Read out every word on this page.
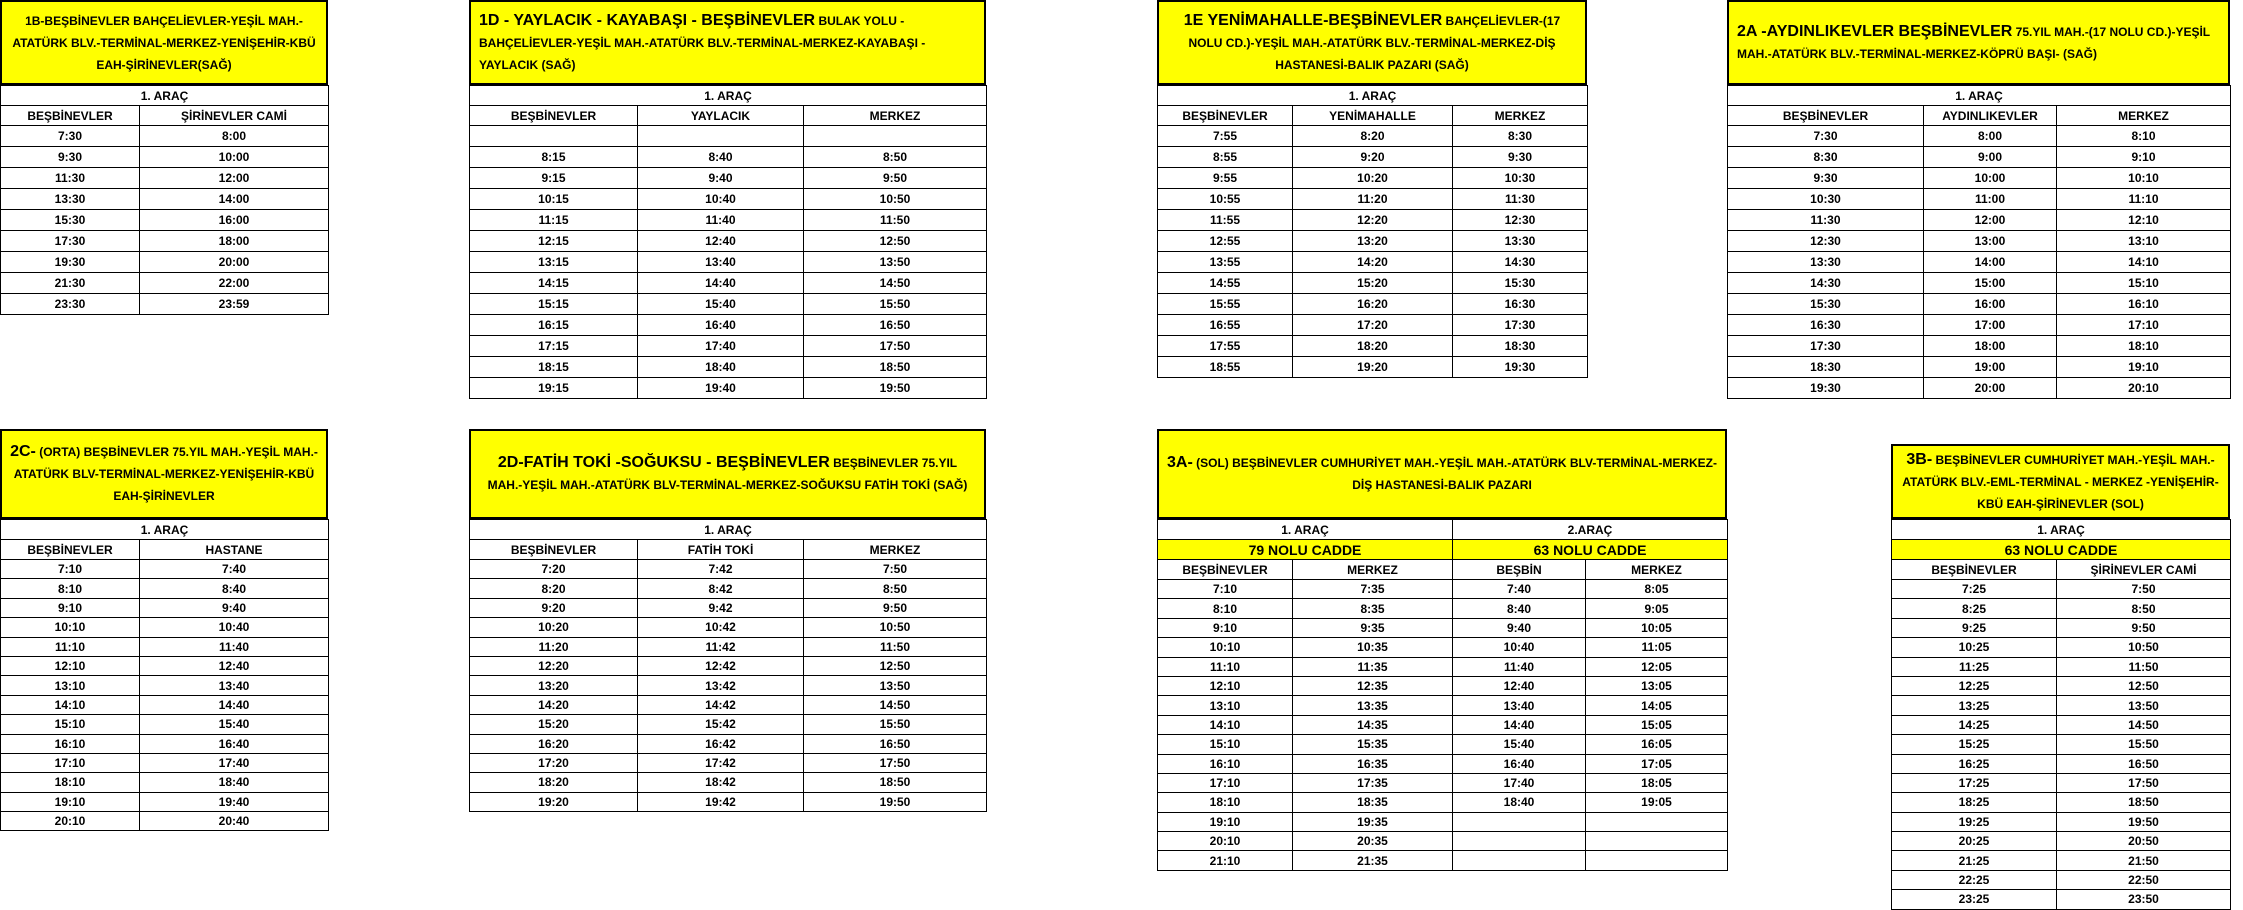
1B-BEŞBİNEVLER BAHÇELİEVLER-YEŞİL MAH.-ATATÜRK BLV.-TERMİNAL-MERKEZ-YENİŞEHİR-KBÜ EAH-ŞİRİNEVLER(SAĞ)
1. ARAÇ	
BEŞBİNEVLER	ŞİRİNEVLER CAMİ
7:30	8:00
9:30	10:00
11:30	12:00
13:30	14:00
15:30	16:00
17:30	18:00
19:30	20:00
21:30	22:00
23:30	23:59
1D - YAYLACIK - KAYABAŞI - BEŞBİNEVLER BULAK YOLU -BAHÇELİEVLER-YEŞİL MAH.-ATATÜRK BLV.-TERMİNAL-MERKEZ-KAYABAŞI - YAYLACIK (SAĞ)
1. ARAÇ		
BEŞBİNEVLER	YAYLACIK	MERKEZ

8:15	8:40	8:50
9:15	9:40	9:50
10:15	10:40	10:50
11:15	11:40	11:50
12:15	12:40	12:50
13:15	13:40	13:50
14:15	14:40	14:50
15:15	15:40	15:50
16:15	16:40	16:50
17:15	17:40	17:50
18:15	18:40	18:50
19:15	19:40	19:50
1E YENİMAHALLE-BEŞBİNEVLER BAHÇELİEVLER-(17 NOLU CD.)-YEŞİL MAH.-ATATÜRK BLV.-TERMİNAL-MERKEZ-DİŞ HASTANESİ-BALIK PAZARI (SAĞ)
1. ARAÇ		
BEŞBİNEVLER	YENİMAHALLE	MERKEZ
7:55	8:20	8:30
8:55	9:20	9:30
9:55	10:20	10:30
10:55	11:20	11:30
11:55	12:20	12:30
12:55	13:20	13:30
13:55	14:20	14:30
14:55	15:20	15:30
15:55	16:20	16:30
16:55	17:20	17:30
17:55	18:20	18:30
18:55	19:20	19:30
2A -AYDINLIKEVLER BEŞBİNEVLER 75.YIL MAH.-(17 NOLU CD.)-YEŞİL MAH.-ATATÜRK BLV.-TERMİNAL-MERKEZ-KÖPRÜ BAŞI- (SAĞ)
1. ARAÇ		
BEŞBİNEVLER	AYDINLIKEVLER	MERKEZ
7:30	8:00	8:10
8:30	9:00	9:10
9:30	10:00	10:10
10:30	11:00	11:10
11:30	12:00	12:10
12:30	13:00	13:10
13:30	14:00	14:10
14:30	15:00	15:10
15:30	16:00	16:10
16:30	17:00	17:10
17:30	18:00	18:10
18:30	19:00	19:10
19:30	20:00	20:10
2C- (ORTA) BEŞBİNEVLER 75.YIL MAH.-YEŞİL MAH.-ATATÜRK BLV-TERMİNAL-MERKEZ-YENİŞEHİR-KBÜ EAH-ŞİRİNEVLER
1. ARAÇ	
BEŞBİNEVLER	HASTANE
7:10	7:40
8:10	8:40
9:10	9:40
10:10	10:40
11:10	11:40
12:10	12:40
13:10	13:40
14:10	14:40
15:10	15:40
16:10	16:40
17:10	17:40
18:10	18:40
19:10	19:40
20:10	20:40
2D-FATİH TOKİ -SOĞUKSU - BEŞBİNEVLER BEŞBİNEVLER 75.YIL MAH.-YEŞİL MAH.-ATATÜRK BLV-TERMİNAL-MERKEZ-SOĞUKSU FATİH TOKİ (SAĞ)
1. ARAÇ		
BEŞBİNEVLER	FATİH TOKİ	MERKEZ
7:20	7:42	7:50
8:20	8:42	8:50
9:20	9:42	9:50
10:20	10:42	10:50
11:20	11:42	11:50
12:20	12:42	12:50
13:20	13:42	13:50
14:20	14:42	14:50
15:20	15:42	15:50
16:20	16:42	16:50
17:20	17:42	17:50
18:20	18:42	18:50
19:20	19:42	19:50
3A- (SOL) BEŞBİNEVLER CUMHURİYET MAH.-YEŞİL MAH.-ATATÜRK BLV-TERMİNAL-MERKEZ-DİŞ HASTANESİ-BALIK PAZARI
1. ARAÇ		2.ARAÇ	
79 NOLU CADDE		63 NOLU CADDE	
BEŞBİNEVLER	MERKEZ	BEŞBİN	MERKEZ
7:10	7:35	7:40	8:05
8:10	8:35	8:40	9:05
9:10	9:35	9:40	10:05
10:10	10:35	10:40	11:05
11:10	11:35	11:40	12:05
12:10	12:35	12:40	13:05
13:10	13:35	13:40	14:05
14:10	14:35	14:40	15:05
15:10	15:35	15:40	16:05
16:10	16:35	16:40	17:05
17:10	17:35	17:40	18:05
18:10	18:35	18:40	19:05
19:10	19:35		
20:10	20:35		
21:10	21:35		
3B- BEŞBİNEVLER CUMHURİYET MAH.-YEŞİL MAH.-ATATÜRK BLV.-EML-TERMİNAL - MERKEZ -YENİŞEHİR-KBÜ EAH-ŞİRİNEVLER (SOL)
1. ARAÇ	
63 NOLU CADDE	
BEŞBİNEVLER	ŞİRİNEVLER CAMİ
7:25	7:50
8:25	8:50
9:25	9:50
10:25	10:50
11:25	11:50
12:25	12:50
13:25	13:50
14:25	14:50
15:25	15:50
16:25	16:50
17:25	17:50
18:25	18:50
19:25	19:50
20:25	20:50
21:25	21:50
22:25	22:50
23:25	23:50
